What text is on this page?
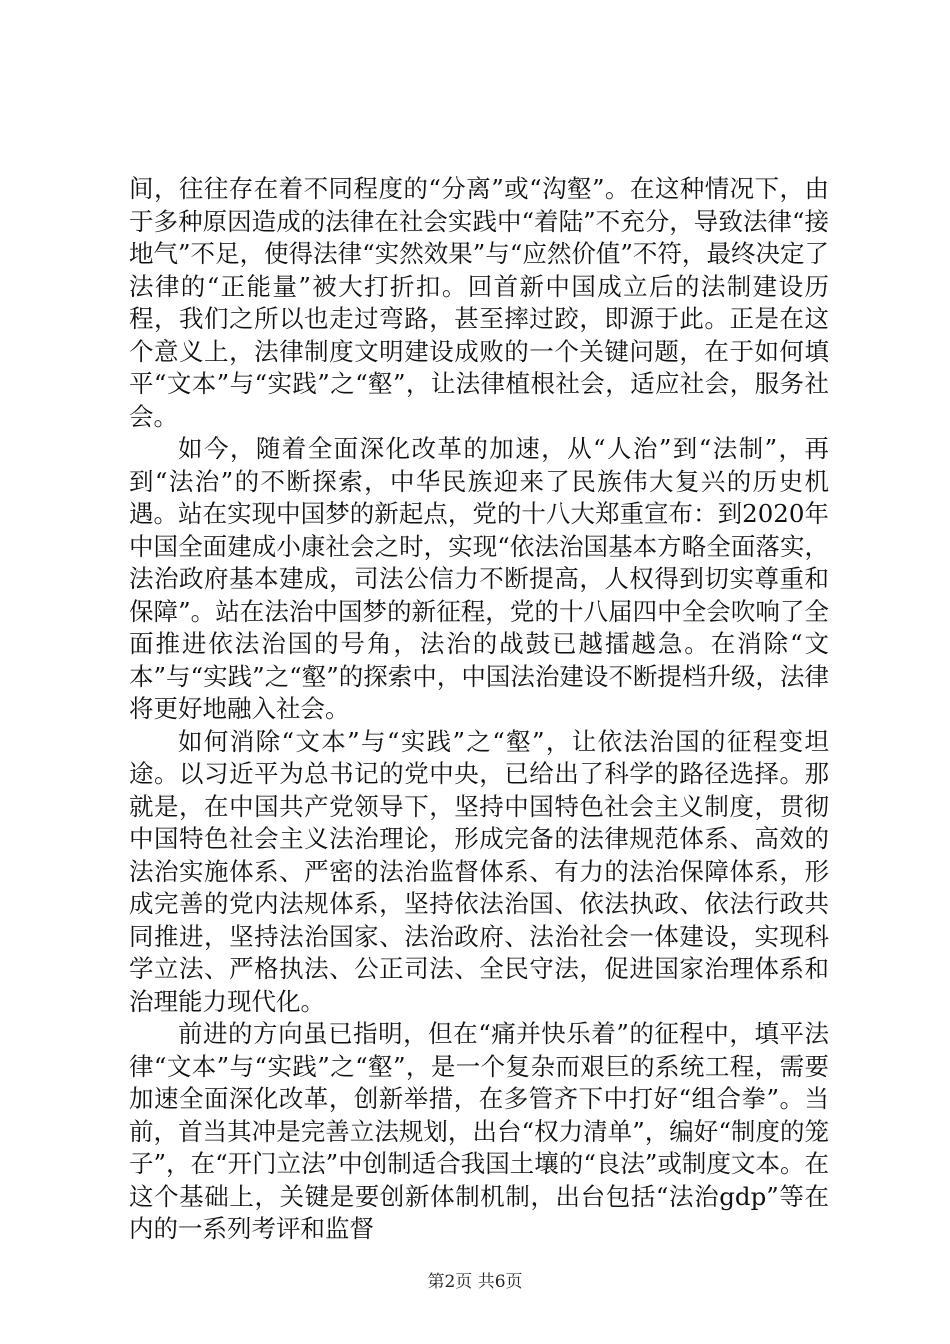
间，往往存在着不同程度的“分离”或“沟壑”。在这种情况下，由于多种原因造成的法律在社会实践中“着陆”不充分，导致法律“接地气”不足，使得法律“实然效果”与“应然价值”不符，最终决定了法律的“正能量”被大打折扣。回首新中国成立后的法制建设历程，我们之所以也走过弯路，甚至摔过跤，即源于此。正是在这个意义上，法律制度文明建设成败的一个关键问题，在于如何填平“文本”与“实践”之“壑”，让法律植根社会，适应社会，服务社会。

如今，随着全面深化改革的加速，从“人治”到“法制”，再到“法治”的不断探索，中华民族迎来了民族伟大复兴的历史机遇。站在实现中国梦的新起点，党的十八大郑重宣布：到2020年中国全面建成小康社会之时，实现“依法治国基本方略全面落实，法治政府基本建成，司法公信力不断提高，人权得到切实尊重和保障”。站在法治中国梦的新征程，党的十八届四中全会吹响了全面推进依法治国的号角，法治的战鼓已越擂越急。在消除“文本”与“实践”之“壑”的探索中，中国法治建设不断提档升级，法律将更好地融入社会。

如何消除“文本”与“实践”之“壑”，让依法治国的征程变坦途。以习近平为总书记的党中央，已给出了科学的路径选择。那就是，在中国共产党领导下，坚持中国特色社会主义制度，贯彻中国特色社会主义法治理论，形成完备的法律规范体系、高效的法治实施体系、严密的法治监督体系、有力的法治保障体系，形成完善的党内法规体系，坚持依法治国、依法执政、依法行政共同推进，坚持法治国家、法治政府、法治社会一体建设，实现科学立法、严格执法、公正司法、全民守法，促进国家治理体系和治理能力现代化。

前进的方向虽已指明，但在“痛并快乐着”的征程中，填平法律“文本”与“实践”之“壑”，是一个复杂而艰巨的系统工程，需要加速全面深化改革，创新举措，在多管齐下中打好“组合拳”。当前，首当其冲是完善立法规划，出台“权力清单”，编好“制度的笼子”，在“开门立法”中创制适合我国土壤的“良法”或制度文本。在这个基础上，关键是要创新体制机制，出台包括“法治gdp”等在内的一系列考评和监督

第2页 共6页
